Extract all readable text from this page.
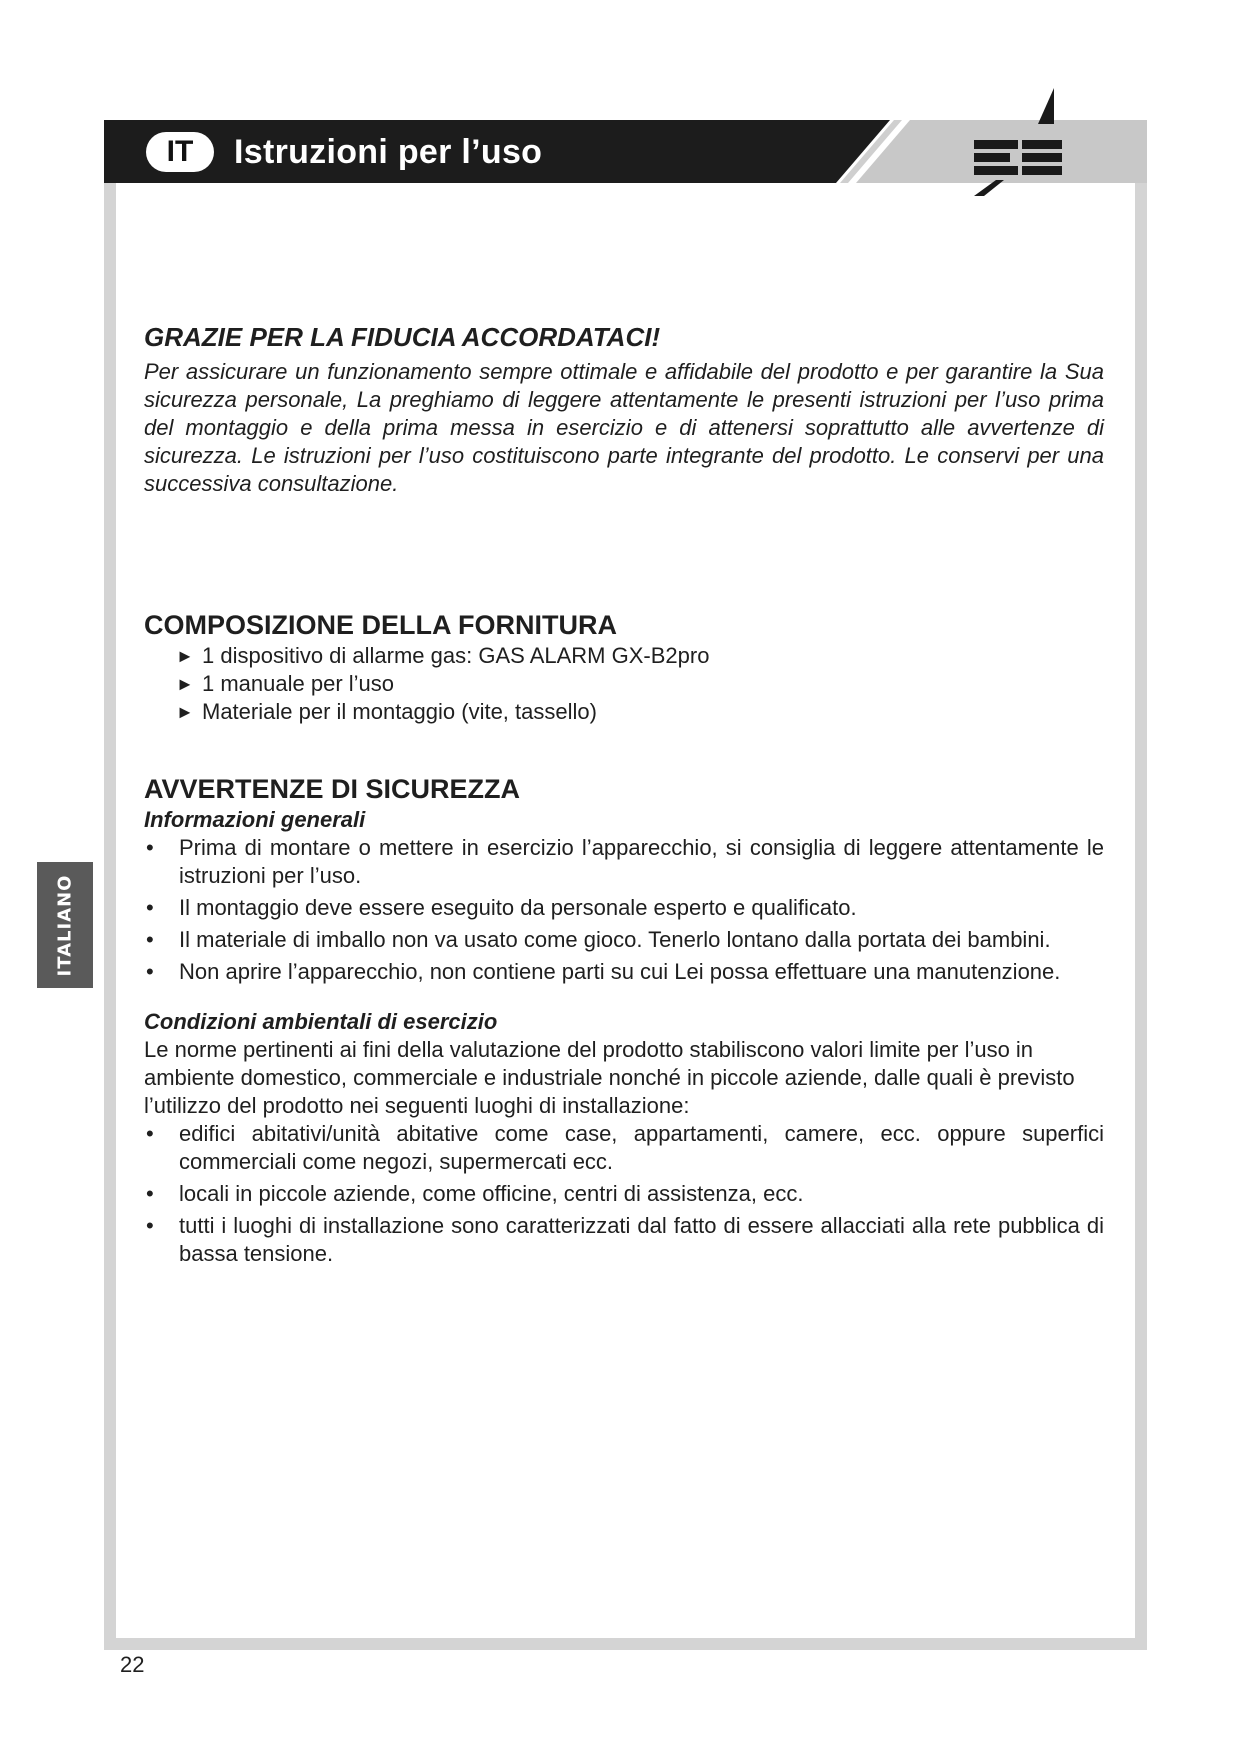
IT	Istruzioni per l’uso
ES
ITALIANO
GRAZIE PER LA FIDUCIA ACCORDATACI!

Per assicurare un funzionamento sempre ottimale e affidabile del prodotto e per garantire la Sua sicurezza personale, La preghiamo di leggere attentamente le presenti istruzioni per l’uso prima del montaggio e della prima messa in esercizio e di attenersi soprattutto alle avvertenze di sicurezza. Le istruzioni per l’uso costituiscono parte integrante del prodotto. Le conservi per una successiva consultazione.

COMPOSIZIONE DELLA FORNITURA
► 1 dispositivo di allarme gas: GAS ALARM GX-B2pro
► 1 manuale per l’uso
► Materiale per il montaggio (vite, tassello)
AVVERTENZE DI SICUREZZA
Informazioni generali
• Prima di montare o mettere in esercizio l’apparecchio, si consiglia di leggere attentamente le istruzioni per l’uso.
• Il montaggio deve essere eseguito da personale esperto e qualificato.
• Il materiale di imballo non va usato come gioco. Tenerlo lontano dalla portata dei bambini.
• Non aprire l’apparecchio, non contiene parti su cui Lei possa effettuare una manutenzione.
Condizioni ambientali di esercizio

Le norme pertinenti ai fini della valutazione del prodotto stabiliscono valori limite per l’uso in ambiente domestico, commerciale e industriale nonché in piccole aziende, dalle quali è previsto l’utilizzo del prodotto nei seguenti luoghi di installazione:

• edifici abitativi/unità abitative come case, appartamenti, camere, ecc. oppure superfici commerciali come negozi, supermercati ecc.
• locali in piccole aziende, come officine, centri di assistenza, ecc.
• tutti i luoghi di installazione sono caratterizzati dal fatto di essere allacciati alla rete pubblica di bassa tensione.
22
